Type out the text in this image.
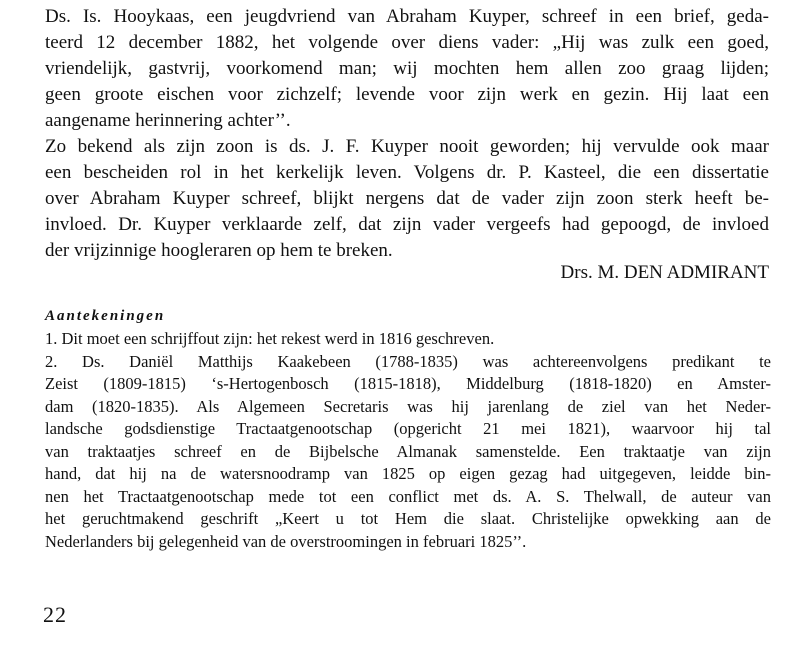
Ds. Is. Hooykaas, een jeugdvriend van Abraham Kuyper, schreef in een brief, geda-
teerd 12 december 1882, het volgende over diens vader: „Hij was zulk een goed,
vriendelijk, gastvrij, voorkomend man; wij mochten hem allen zoo graag lijden;
geen groote eischen voor zichzelf; levende voor zijn werk en gezin. Hij laat een
aangename herinnering achter’’.
Zo bekend als zijn zoon is ds. J. F. Kuyper nooit geworden; hij vervulde ook maar
een bescheiden rol in het kerkelijk leven. Volgens dr. P. Kasteel, die een dissertatie
over Abraham Kuyper schreef, blijkt nergens dat de vader zijn zoon sterk heeft be-
invloed. Dr. Kuyper verklaarde zelf, dat zijn vader vergeefs had gepoogd, de invloed
der vrijzinnige hoogleraren op hem te breken.
Drs. M. DEN ADMIRANT
Aantekeningen
1. Dit moet een schrijffout zijn: het rekest werd in 1816 geschreven.
2. Ds. Daniël Matthijs Kaakebeen (1788-1835) was achtereenvolgens predikant te
Zeist (1809-1815) ‘s-Hertogenbosch (1815-1818), Middelburg (1818-1820) en Amster-
dam (1820-1835). Als Algemeen Secretaris was hij jarenlang de ziel van het Neder-
landsche godsdienstige Tractaatgenootschap (opgericht 21 mei 1821), waarvoor hij tal
van traktaatjes schreef en de Bijbelsche Almanak samenstelde. Een traktaatje van zijn
hand, dat hij na de watersnoodramp van 1825 op eigen gezag had uitgegeven, leidde bin-
nen het Tractaatgenootschap mede tot een conflict met ds. A. S. Thelwall, de auteur van
het geruchtmakend geschrift „Keert u tot Hem die slaat. Christelijke opwekking aan de
Nederlanders bij gelegenheid van de overstroomingen in februari 1825’’.
22
